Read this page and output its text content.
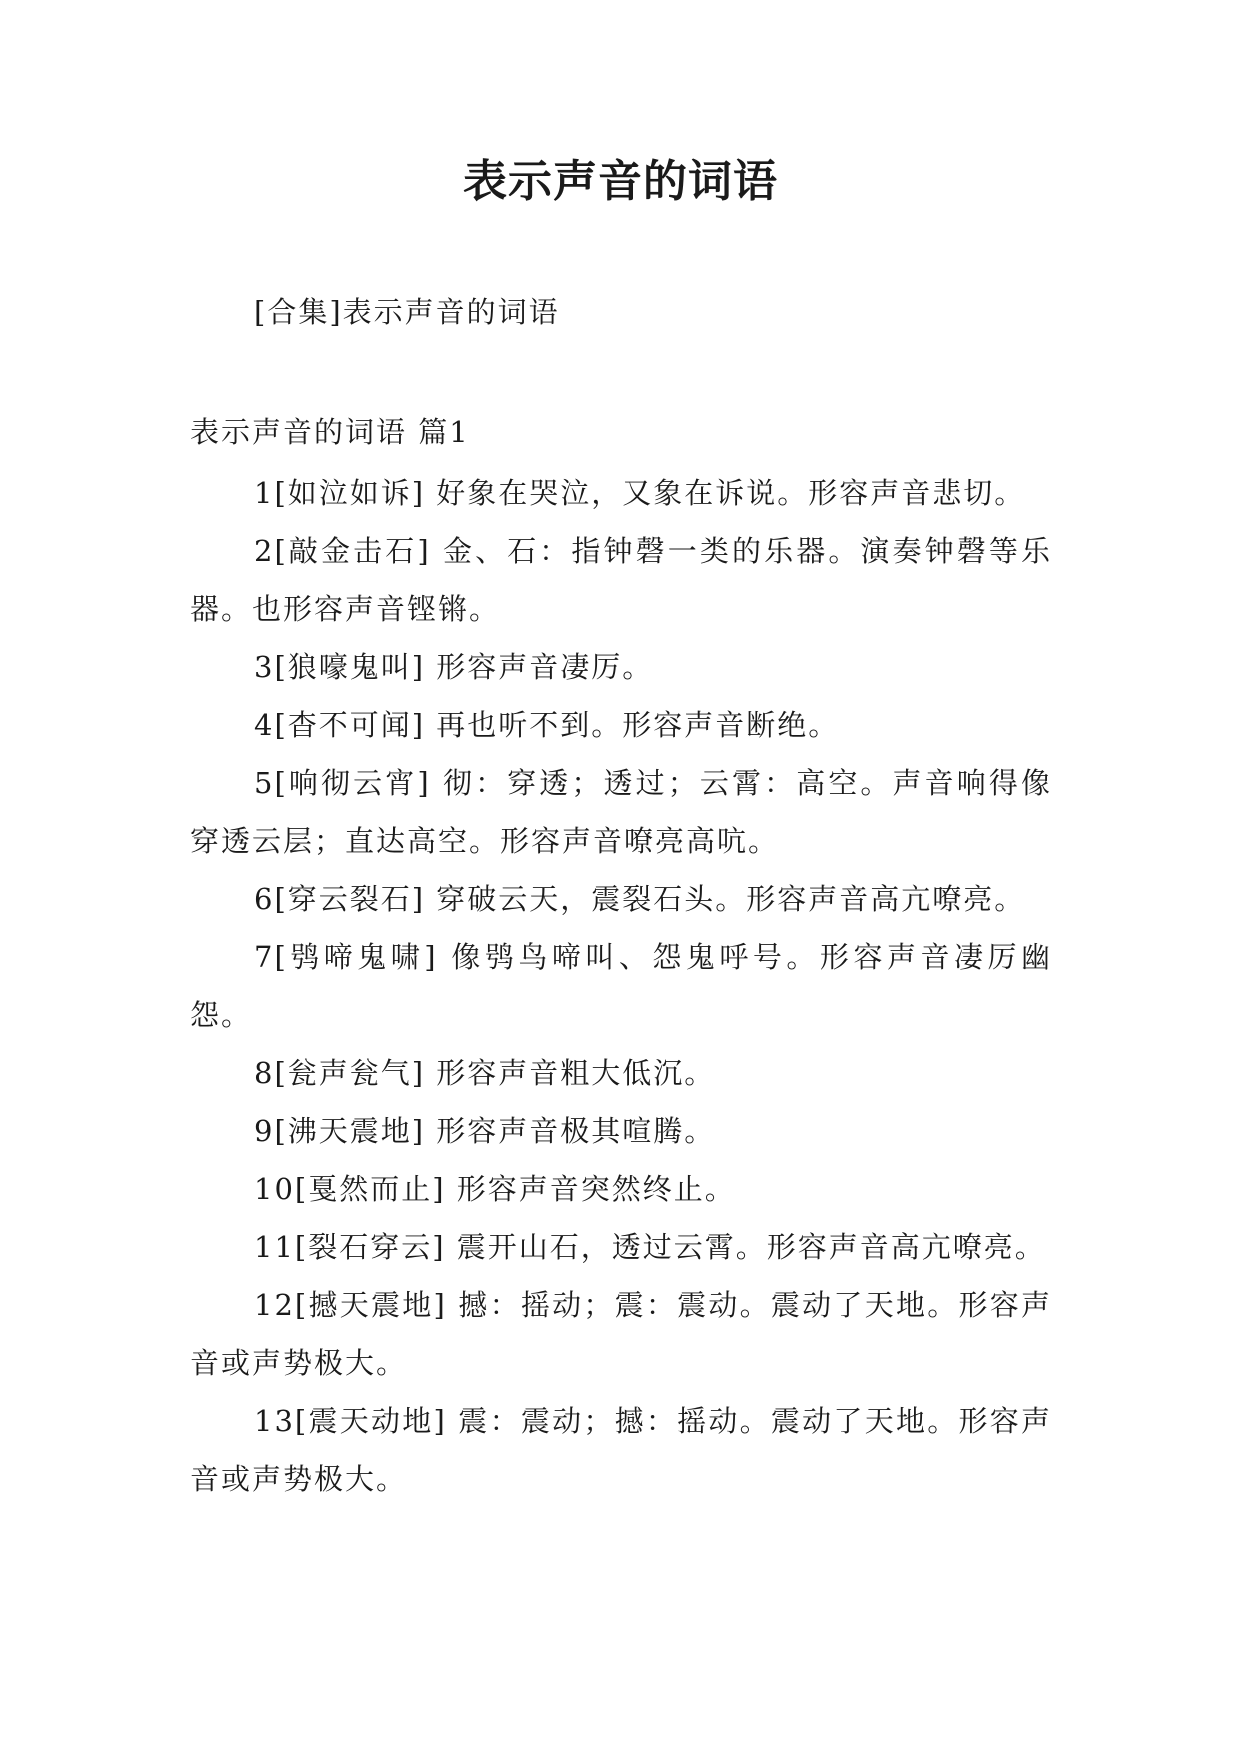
表示声音的词语

[合集]表示声音的词语

表示声音的词语 篇1

1[如泣如诉] 好象在哭泣，又象在诉说。形容声音悲切。
2[敲金击石] 金、石：指钟磬一类的乐器。演奏钟磬等乐器。也形容声音铿锵。
3[狼嚎鬼叫] 形容声音凄厉。
4[杳不可闻] 再也听不到。形容声音断绝。
5[响彻云宵] 彻：穿透；透过；云霄：高空。声音响得像穿透云层；直达高空。形容声音嘹亮高吭。
6[穿云裂石] 穿破云天，震裂石头。形容声音高亢嘹亮。
7[鸮啼鬼啸] 像鸮鸟啼叫、怨鬼呼号。形容声音凄厉幽怨。
8[瓮声瓮气] 形容声音粗大低沉。
9[沸天震地] 形容声音极其喧腾。
10[戛然而止] 形容声音突然终止。
11[裂石穿云] 震开山石，透过云霄。形容声音高亢嘹亮。
12[撼天震地] 撼：摇动；震：震动。震动了天地。形容声音或声势极大。
13[震天动地] 震：震动；撼：摇动。震动了天地。形容声音或声势极大。
